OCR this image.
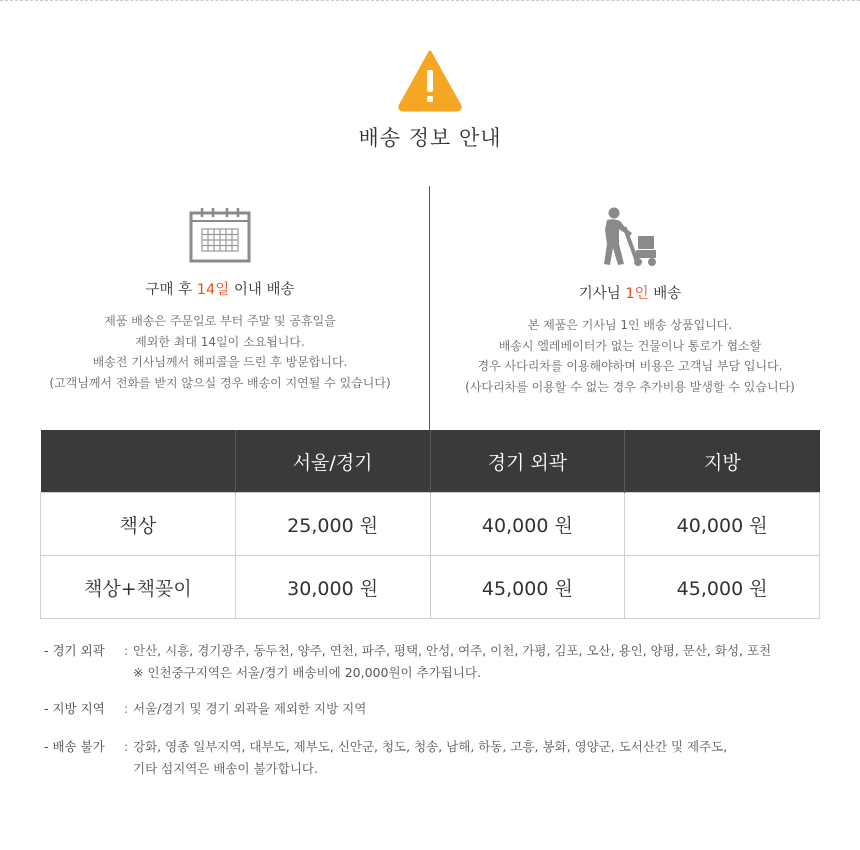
배송 정보 안내
구매 후 14일 이내 배송
제품 배송은 주문일로 부터 주말 및 공휴일을
제외한 최대 14일이 소요됩니다.
배송전 기사님께서 해피콜을 드린 후 방문합니다.
(고객님께서 전화를 받지 않으실 경우 배송이 지연될 수 있습니다)
기사님 1인 배송
본 제품은 기사님 1인 배송 상품입니다.
배송시 엘레베이터가 없는 건물이나 통로가 협소할
경우 사다리차를 이용해야하며 비용은 고객님 부담 입니다.
(사다리차를 이용할 수 없는 경우 추가비용 발생할 수 있습니다)
	서울/경기	경기 외곽	지방
책상	25,000 원	40,000 원	40,000 원
책상+책꽂이	30,000 원	45,000 원	45,000 원
- 경기 외곽	: 안산, 시흥, 경기광주, 동두천, 양주, 연천, 파주, 평택, 안성, 여주, 이천, 가평, 김포, 오산, 용인, 양평, 문산, 화성, 포천
※ 인천중구지역은 서울/경기 배송비에 20,000원이 추가됩니다.
- 지방 지역	: 서울/경기 및 경기 외곽을 제외한 지방 지역
- 배송 불가	: 강화, 영종 일부지역, 대부도, 제부도, 신안군, 청도, 청송, 남해, 하동, 고흥, 봉화, 영양군, 도서산간 및 제주도,
기타 섬지역은 배송이 불가합니다.
